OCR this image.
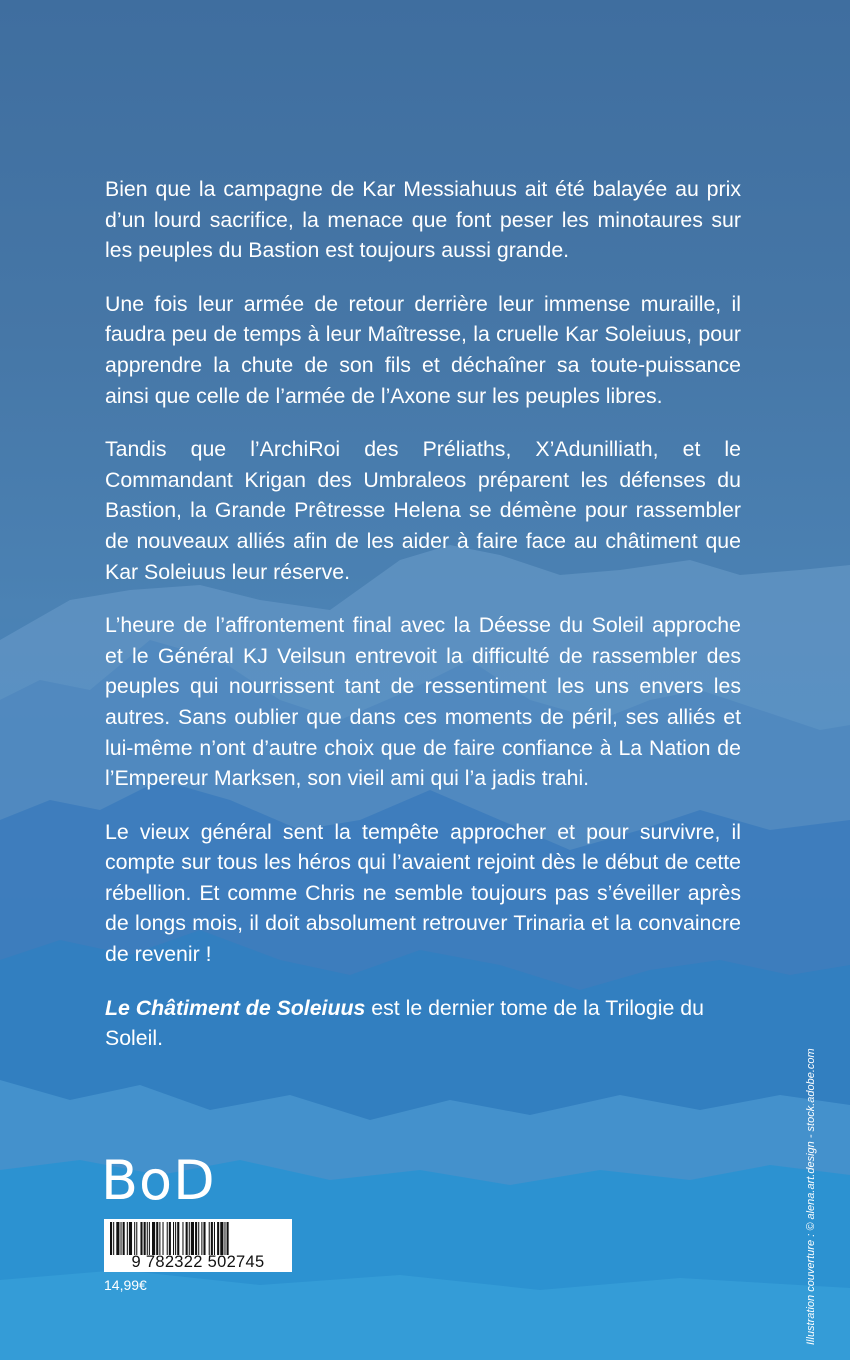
Bien que la campagne de Kar Messiahuus ait été balayée au prix d’un lourd sacrifice, la menace que font peser les minotaures sur les peuples du Bastion est toujours aussi grande.

Une fois leur armée de retour derrière leur immense muraille, il faudra peu de temps à leur Maîtresse, la cruelle Kar Soleiuus, pour apprendre la chute de son fils et déchaîner sa toute-puissance ainsi que celle de l’armée de l’Axone sur les peuples libres.

Tandis que l’ArchiRoi des Préliaths, X’Adunilliath, et le Commandant Krigan des Umbraleos préparent les défenses du Bastion, la Grande Prêtresse Helena se démène pour rassembler de nouveaux alliés afin de les aider à faire face au châtiment que Kar Soleiuus leur réserve.

L’heure de l’affrontement final avec la Déesse du Soleil approche et le Général KJ Veilsun entrevoit la difficulté de rassembler des peuples qui nourrissent tant de ressentiment les uns envers les autres. Sans oublier que dans ces moments de péril, ses alliés et lui-même n’ont d’autre choix que de faire confiance à La Nation de l’Empereur Marksen, son vieil ami qui l’a jadis trahi.

Le vieux général sent la tempête approcher et pour survivre, il compte sur tous les héros qui l’avaient rejoint dès le début de cette rébellion. Et comme Chris ne semble toujours pas s’éveiller après de longs mois, il doit absolument retrouver Trinaria et la convaincre de revenir !

Le Châtiment de Soleiuus est le dernier tome de la Trilogie du Soleil.

BoD
9 782322 502745
14,99€	Illustration couverture : © alena.art.design - stock.adobe.com
